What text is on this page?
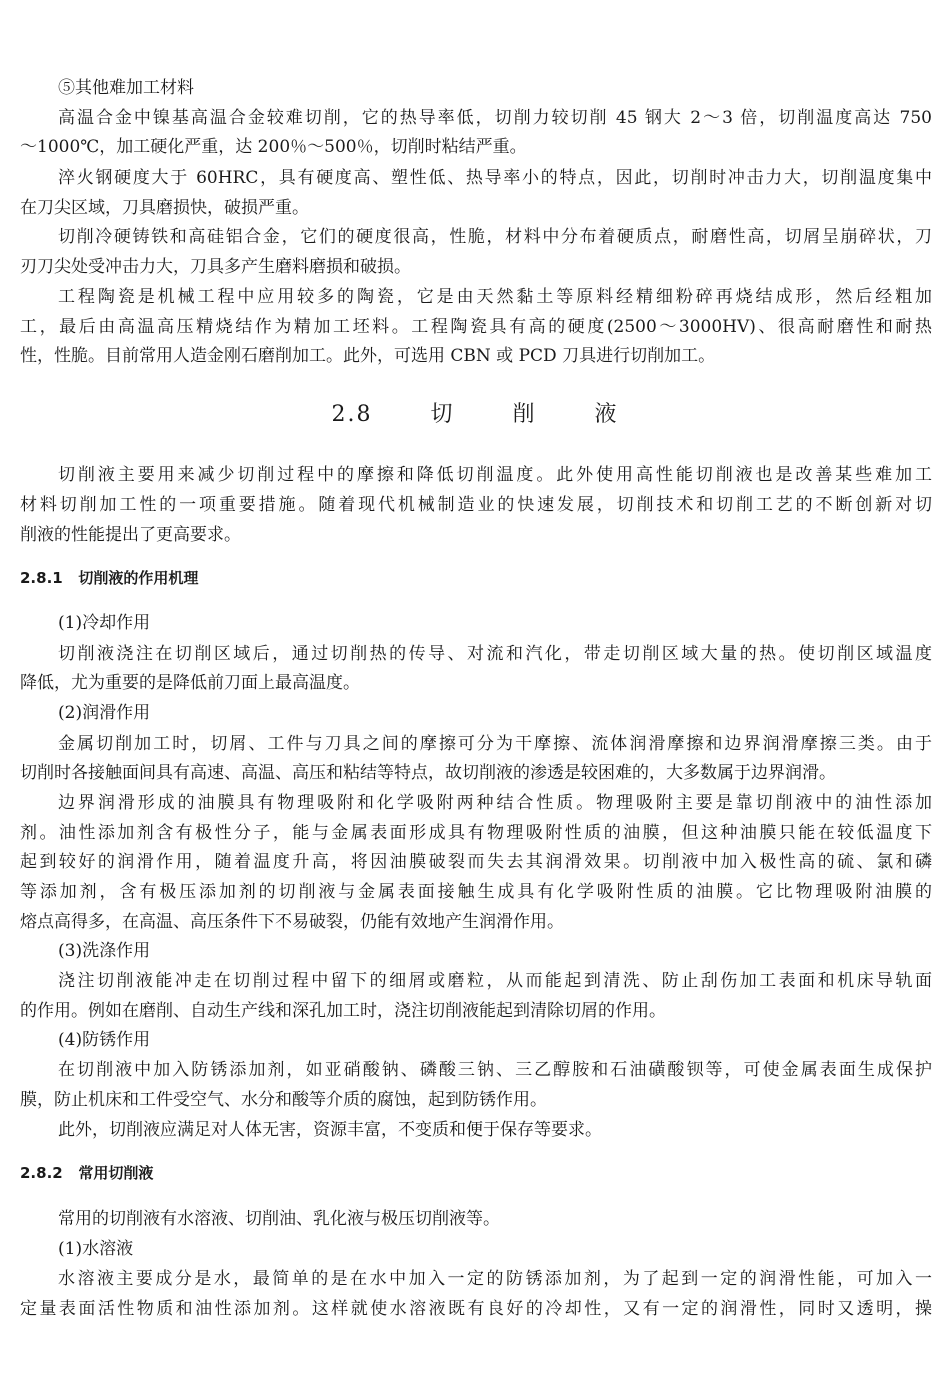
⑤其他难加工材料
高温合金中镍基高温合金较难切削，它的热导率低，切削力较切削 45 钢大 2～3 倍，切削温度高达 750
～1000℃，加工硬化严重，达 200％～500％，切削时粘结严重。
淬火钢硬度大于 60HRC，具有硬度高、塑性低、热导率小的特点，因此，切削时冲击力大，切削温度集中
在刀尖区域，刀具磨损快，破损严重。
切削冷硬铸铁和高硅铝合金，它们的硬度很高，性脆，材料中分布着硬质点，耐磨性高，切屑呈崩碎状，刀
刃刀尖处受冲击力大，刀具多产生磨料磨损和破损。
工程陶瓷是机械工程中应用较多的陶瓷，它是由天然黏土等原料经精细粉碎再烧结成形，然后经粗加
工，最后由高温高压精烧结作为精加工坯料。工程陶瓷具有高的硬度(2500～3000HV)、很高耐磨性和耐热
性，性脆。目前常用人造金刚石磨削加工。此外，可选用 CBN 或 PCD 刀具进行切削加工。
2.8	切  削  液
切削液主要用来减少切削过程中的摩擦和降低切削温度。此外使用高性能切削液也是改善某些难加工
材料切削加工性的一项重要措施。随着现代机械制造业的快速发展，切削技术和切削工艺的不断创新对切
削液的性能提出了更高要求。
2.8.1 切削液的作用机理
(1)冷却作用
切削液浇注在切削区域后，通过切削热的传导、对流和汽化，带走切削区域大量的热。使切削区域温度
降低，尤为重要的是降低前刀面上最高温度。
(2)润滑作用
金属切削加工时，切屑、工件与刀具之间的摩擦可分为干摩擦、流体润滑摩擦和边界润滑摩擦三类。由于
切削时各接触面间具有高速、高温、高压和粘结等特点，故切削液的渗透是较困难的，大多数属于边界润滑。
边界润滑形成的油膜具有物理吸附和化学吸附两种结合性质。物理吸附主要是靠切削液中的油性添加
剂。油性添加剂含有极性分子，能与金属表面形成具有物理吸附性质的油膜，但这种油膜只能在较低温度下
起到较好的润滑作用，随着温度升高，将因油膜破裂而失去其润滑效果。切削液中加入极性高的硫、氯和磷
等添加剂，含有极压添加剂的切削液与金属表面接触生成具有化学吸附性质的油膜。它比物理吸附油膜的
熔点高得多，在高温、高压条件下不易破裂，仍能有效地产生润滑作用。
(3)洗涤作用
浇注切削液能冲走在切削过程中留下的细屑或磨粒，从而能起到清洗、防止刮伤加工表面和机床导轨面
的作用。例如在磨削、自动生产线和深孔加工时，浇注切削液能起到清除切屑的作用。
(4)防锈作用
在切削液中加入防锈添加剂，如亚硝酸钠、磷酸三钠、三乙醇胺和石油磺酸钡等，可使金属表面生成保护
膜，防止机床和工件受空气、水分和酸等介质的腐蚀，起到防锈作用。
此外，切削液应满足对人体无害，资源丰富，不变质和便于保存等要求。
2.8.2 常用切削液
常用的切削液有水溶液、切削油、乳化液与极压切削液等。
(1)水溶液
水溶液主要成分是水，最简单的是在水中加入一定的防锈添加剂，为了起到一定的润滑性能，可加入一
定量表面活性物质和油性添加剂。这样就使水溶液既有良好的冷却性，又有一定的润滑性，同时又透明，操
